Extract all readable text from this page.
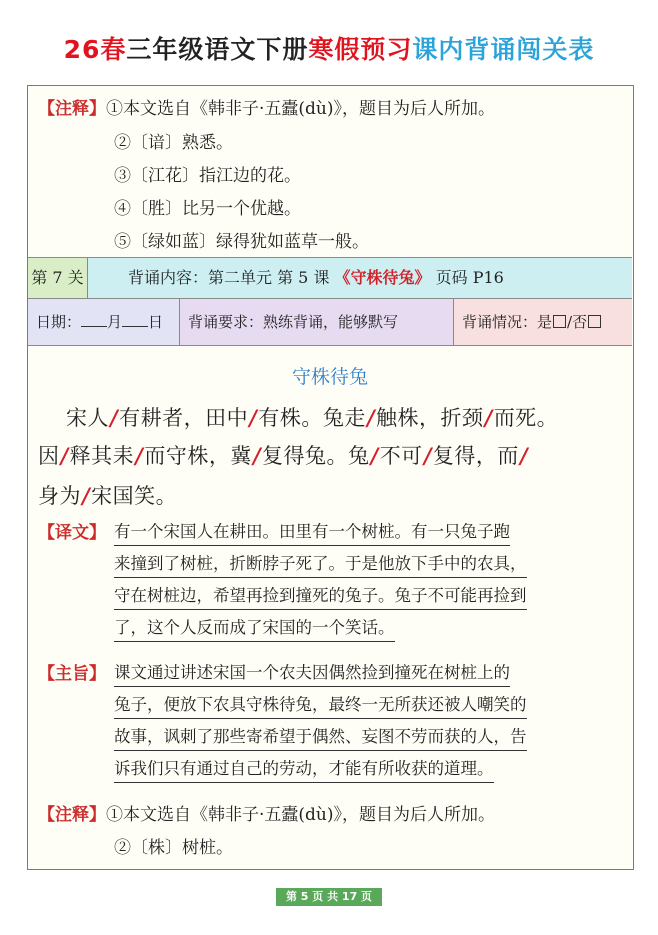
26春三年级语文下册寒假预习课内背诵闯关表
【注释】①本文选自《韩非子·五蠹(dù)》，题目为后人所加。
②〔谙〕熟悉。
③〔江花〕指江边的花。
④〔胜〕比另一个优越。
⑤〔绿如蓝〕绿得犹如蓝草一般。
第 7 关	背诵内容：第二单元 第 5 课 《守株待兔》 页码 P16
日期： 月 日	背诵要求：熟练背诵，能够默写	背诵情况：是 /否
守株待兔
宋人/有耕者，田中/有株。兔走/触株，折颈/而死。
因/释其耒/而守株，冀/复得兔。兔/不可/复得，而/
身为/宋国笑。
【译文】 有一个宋国人在耕田。田里有一个树桩。有一只兔子跑
来撞到了树桩，折断脖子死了。于是他放下手中的农具，
守在树桩边，希望再捡到撞死的兔子。兔子不可能再捡到
了，这个人反而成了宋国的一个笑话。
【主旨】 课文通过讲述宋国一个农夫因偶然捡到撞死在树桩上的
兔子，便放下农具守株待兔，最终一无所获还被人嘲笑的
故事，讽刺了那些寄希望于偶然、妄图不劳而获的人，告
诉我们只有通过自己的劳动，才能有所收获的道理。
【注释】①本文选自《韩非子·五蠹(dù)》，题目为后人所加。
②〔株〕树桩。
第 5 页 共 17 页
